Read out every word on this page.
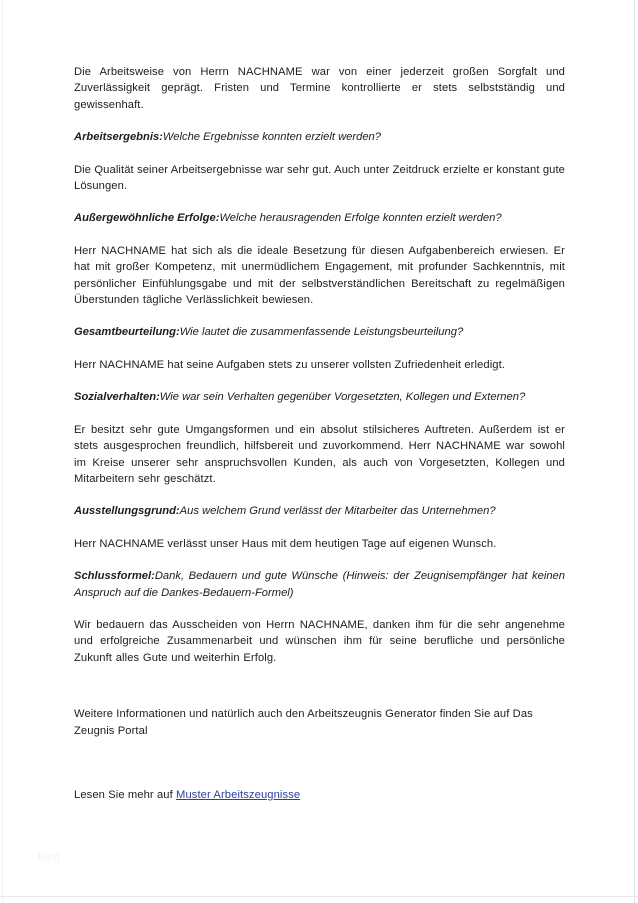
Die Arbeitsweise von Herrn NACHNAME war von einer jederzeit großen Sorgfalt und Zuverlässigkeit geprägt. Fristen und Termine kontrollierte er stets selbstständig und gewissenhaft.

Arbeitsergebnis:Welche Ergebnisse konnten erzielt werden?

Die Qualität seiner Arbeitsergebnisse war sehr gut. Auch unter Zeitdruck erzielte er konstant gute Lösungen.

Außergewöhnliche Erfolge:Welche herausragenden Erfolge konnten erzielt werden?

Herr NACHNAME hat sich als die ideale Besetzung für diesen Aufgabenbereich erwiesen. Er hat mit großer Kompetenz, mit unermüdlichem Engagement, mit profunder Sachkenntnis, mit persönlicher Einfühlungsgabe und mit der selbstverständlichen Bereitschaft zu regelmäßigen Überstunden tägliche Verlässlichkeit bewiesen.

Gesamtbeurteilung:Wie lautet die zusammenfassende Leistungsbeurteilung?

Herr NACHNAME hat seine Aufgaben stets zu unserer vollsten Zufriedenheit erledigt.

Sozialverhalten:Wie war sein Verhalten gegenüber Vorgesetzten, Kollegen und Externen?

Er besitzt sehr gute Umgangsformen und ein absolut stilsicheres Auftreten. Außerdem ist er stets ausgesprochen freundlich, hilfsbereit und zuvorkommend. Herr NACHNAME war sowohl im Kreise unserer sehr anspruchsvollen Kunden, als auch von Vorgesetzten, Kollegen und Mitarbeitern sehr geschätzt.

Ausstellungsgrund:Aus welchem Grund verlässt der Mitarbeiter das Unternehmen?

Herr NACHNAME verlässt unser Haus mit dem heutigen Tage auf eigenen Wunsch.

Schlussformel:Dank, Bedauern und gute Wünsche (Hinweis: der Zeugnisempfänger hat keinen Anspruch auf die Dankes-Bedauern-Formel)

Wir bedauern das Ausscheiden von Herrn NACHNAME, danken ihm für die sehr angenehme und erfolgreiche Zusammenarbeit und wünschen ihm für seine berufliche und persönliche Zukunft alles Gute und weiterhin Erfolg.

Weitere Informationen und natürlich auch den Arbeitszeugnis Generator finden Sie auf Das Zeugnis Portal

Lesen Sie mehr auf Muster Arbeitszeugnisse

blog
